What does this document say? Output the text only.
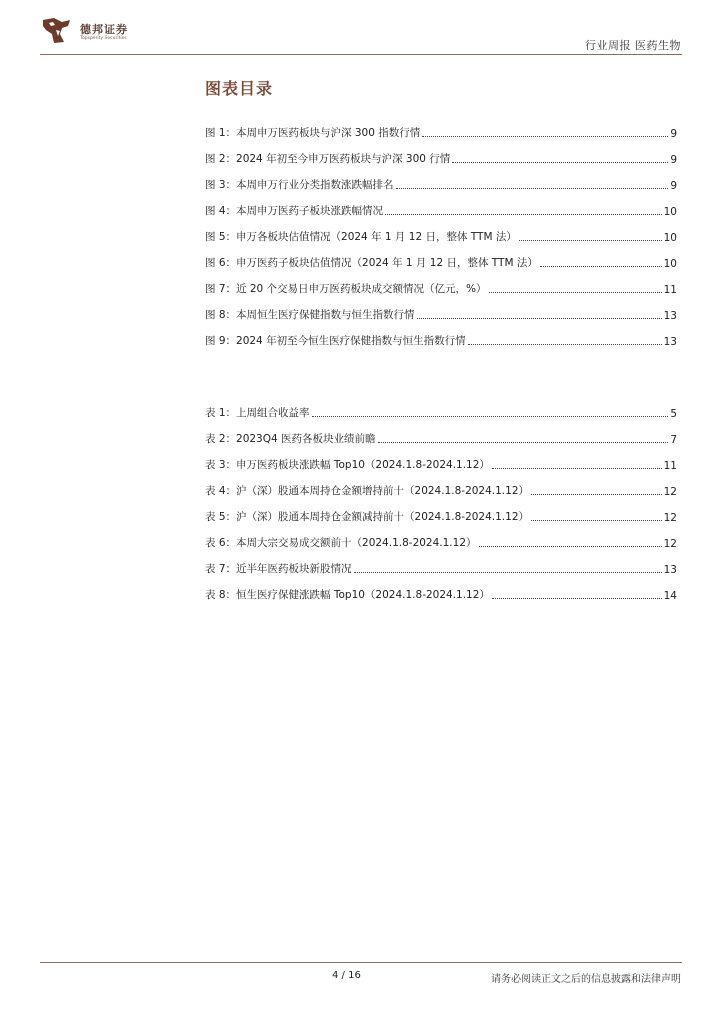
德邦证券
Topsperity Securities
行业周报 医药生物
图表目录
图 1：本周申万医药板块与沪深 300 指数行情	9
图 2：2024 年初至今申万医药板块与沪深 300 行情	9
图 3：本周申万行业分类指数涨跌幅排名	9
图 4：本周申万医药子板块涨跌幅情况	10
图 5：申万各板块估值情况（2024 年 1 月 12 日，整体 TTM 法）	10
图 6：申万医药子板块估值情况（2024 年 1 月 12 日，整体 TTM 法）	10
图 7：近 20 个交易日申万医药板块成交额情况（亿元，%）	11
图 8：本周恒生医疗保健指数与恒生指数行情	13
图 9：2024 年初至今恒生医疗保健指数与恒生指数行情	13
表 1：上周组合收益率	5
表 2：2023Q4 医药各板块业绩前瞻	7
表 3：申万医药板块涨跌幅 Top10（2024.1.8-2024.1.12）	11
表 4：沪（深）股通本周持仓金额增持前十（2024.1.8-2024.1.12）	12
表 5：沪（深）股通本周持仓金额减持前十（2024.1.8-2024.1.12）	12
表 6：本周大宗交易成交额前十（2024.1.8-2024.1.12）	12
表 7：近半年医药板块新股情况	13
表 8：恒生医疗保健涨跌幅 Top10（2024.1.8-2024.1.12）	14
4 / 16	请务必阅读正文之后的信息披露和法律声明
